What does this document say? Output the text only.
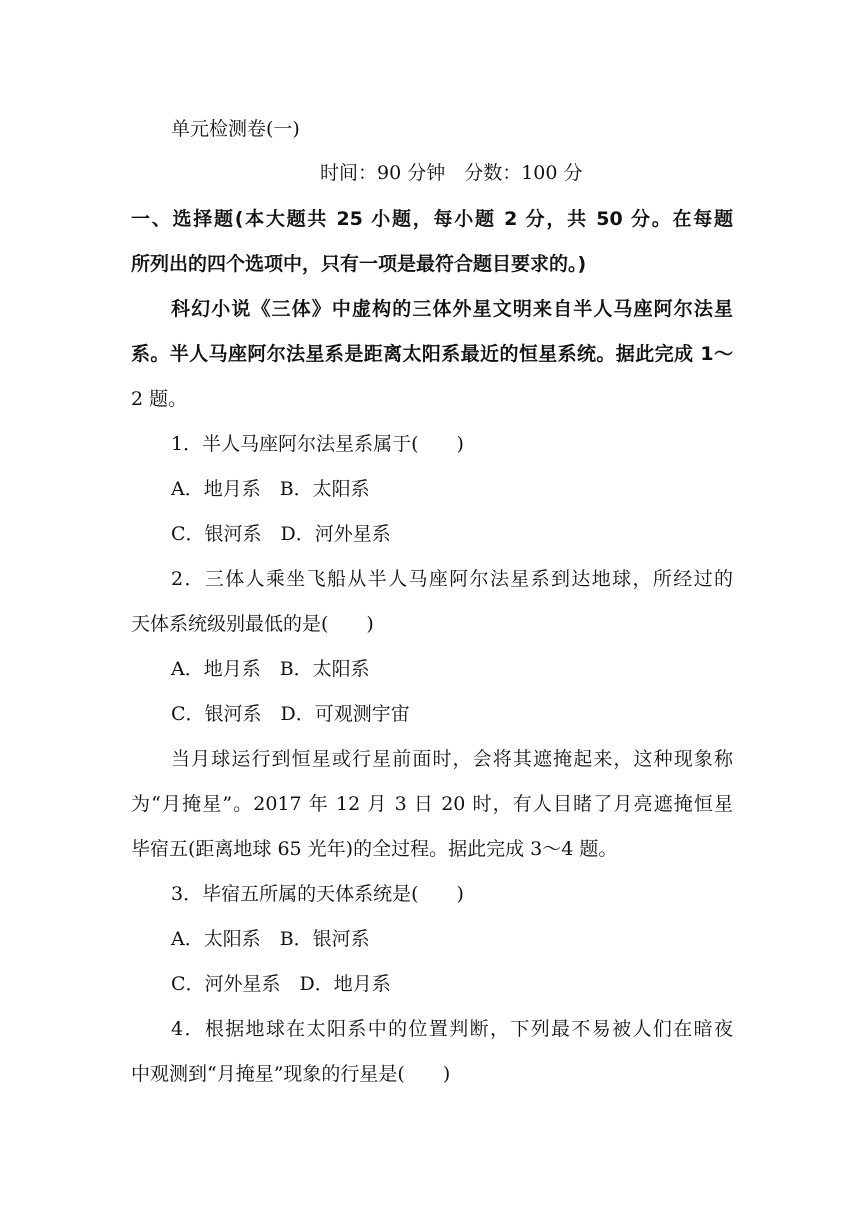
单元检测卷(一)
时间：90 分钟　分数：100 分
一、选择题(本大题共 25 小题，每小题 2 分，共 50 分。在每题
所列出的四个选项中，只有一项是最符合题目要求的。)
科幻小说《三体》中虚构的三体外星文明来自半人马座阿尔法星
系。半人马座阿尔法星系是距离太阳系最近的恒星系统。据此完成 1～
2 题。
1．半人马座阿尔法星系属于(　　)
A．地月系　B．太阳系
C．银河系　D．河外星系
2．三体人乘坐飞船从半人马座阿尔法星系到达地球，所经过的
天体系统级别最低的是(　　)
A．地月系　B．太阳系
C．银河系　D．可观测宇宙
当月球运行到恒星或行星前面时，会将其遮掩起来，这种现象称
为“月掩星”。2017 年 12 月 3 日 20 时，有人目睹了月亮遮掩恒星
毕宿五(距离地球 65 光年)的全过程。据此完成 3～4 题。
3．毕宿五所属的天体系统是(　　)
A．太阳系　B．银河系
C．河外星系　D．地月系
4．根据地球在太阳系中的位置判断，下列最不易被人们在暗夜
中观测到“月掩星”现象的行星是(　　)
